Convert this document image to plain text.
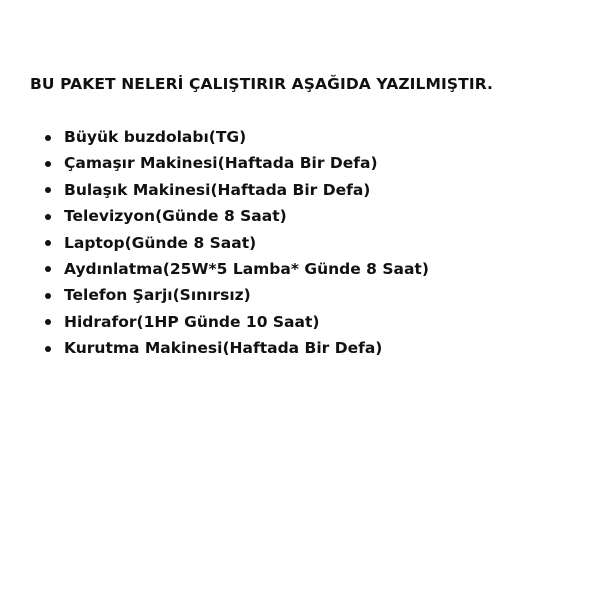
BU PAKET NELERİ ÇALIŞTIRIR AŞAĞIDA YAZILMIŞTIR.
Büyük buzdolabı(TG)
Çamaşır Makinesi(Haftada Bir Defa)
Bulaşık Makinesi(Haftada Bir Defa)
Televizyon(Günde 8 Saat)
Laptop(Günde 8 Saat)
Aydınlatma(25W*5 Lamba* Günde 8 Saat)
Telefon Şarjı(Sınırsız)
Hidrafor(1HP Günde 10 Saat)
Kurutma Makinesi(Haftada Bir Defa)
